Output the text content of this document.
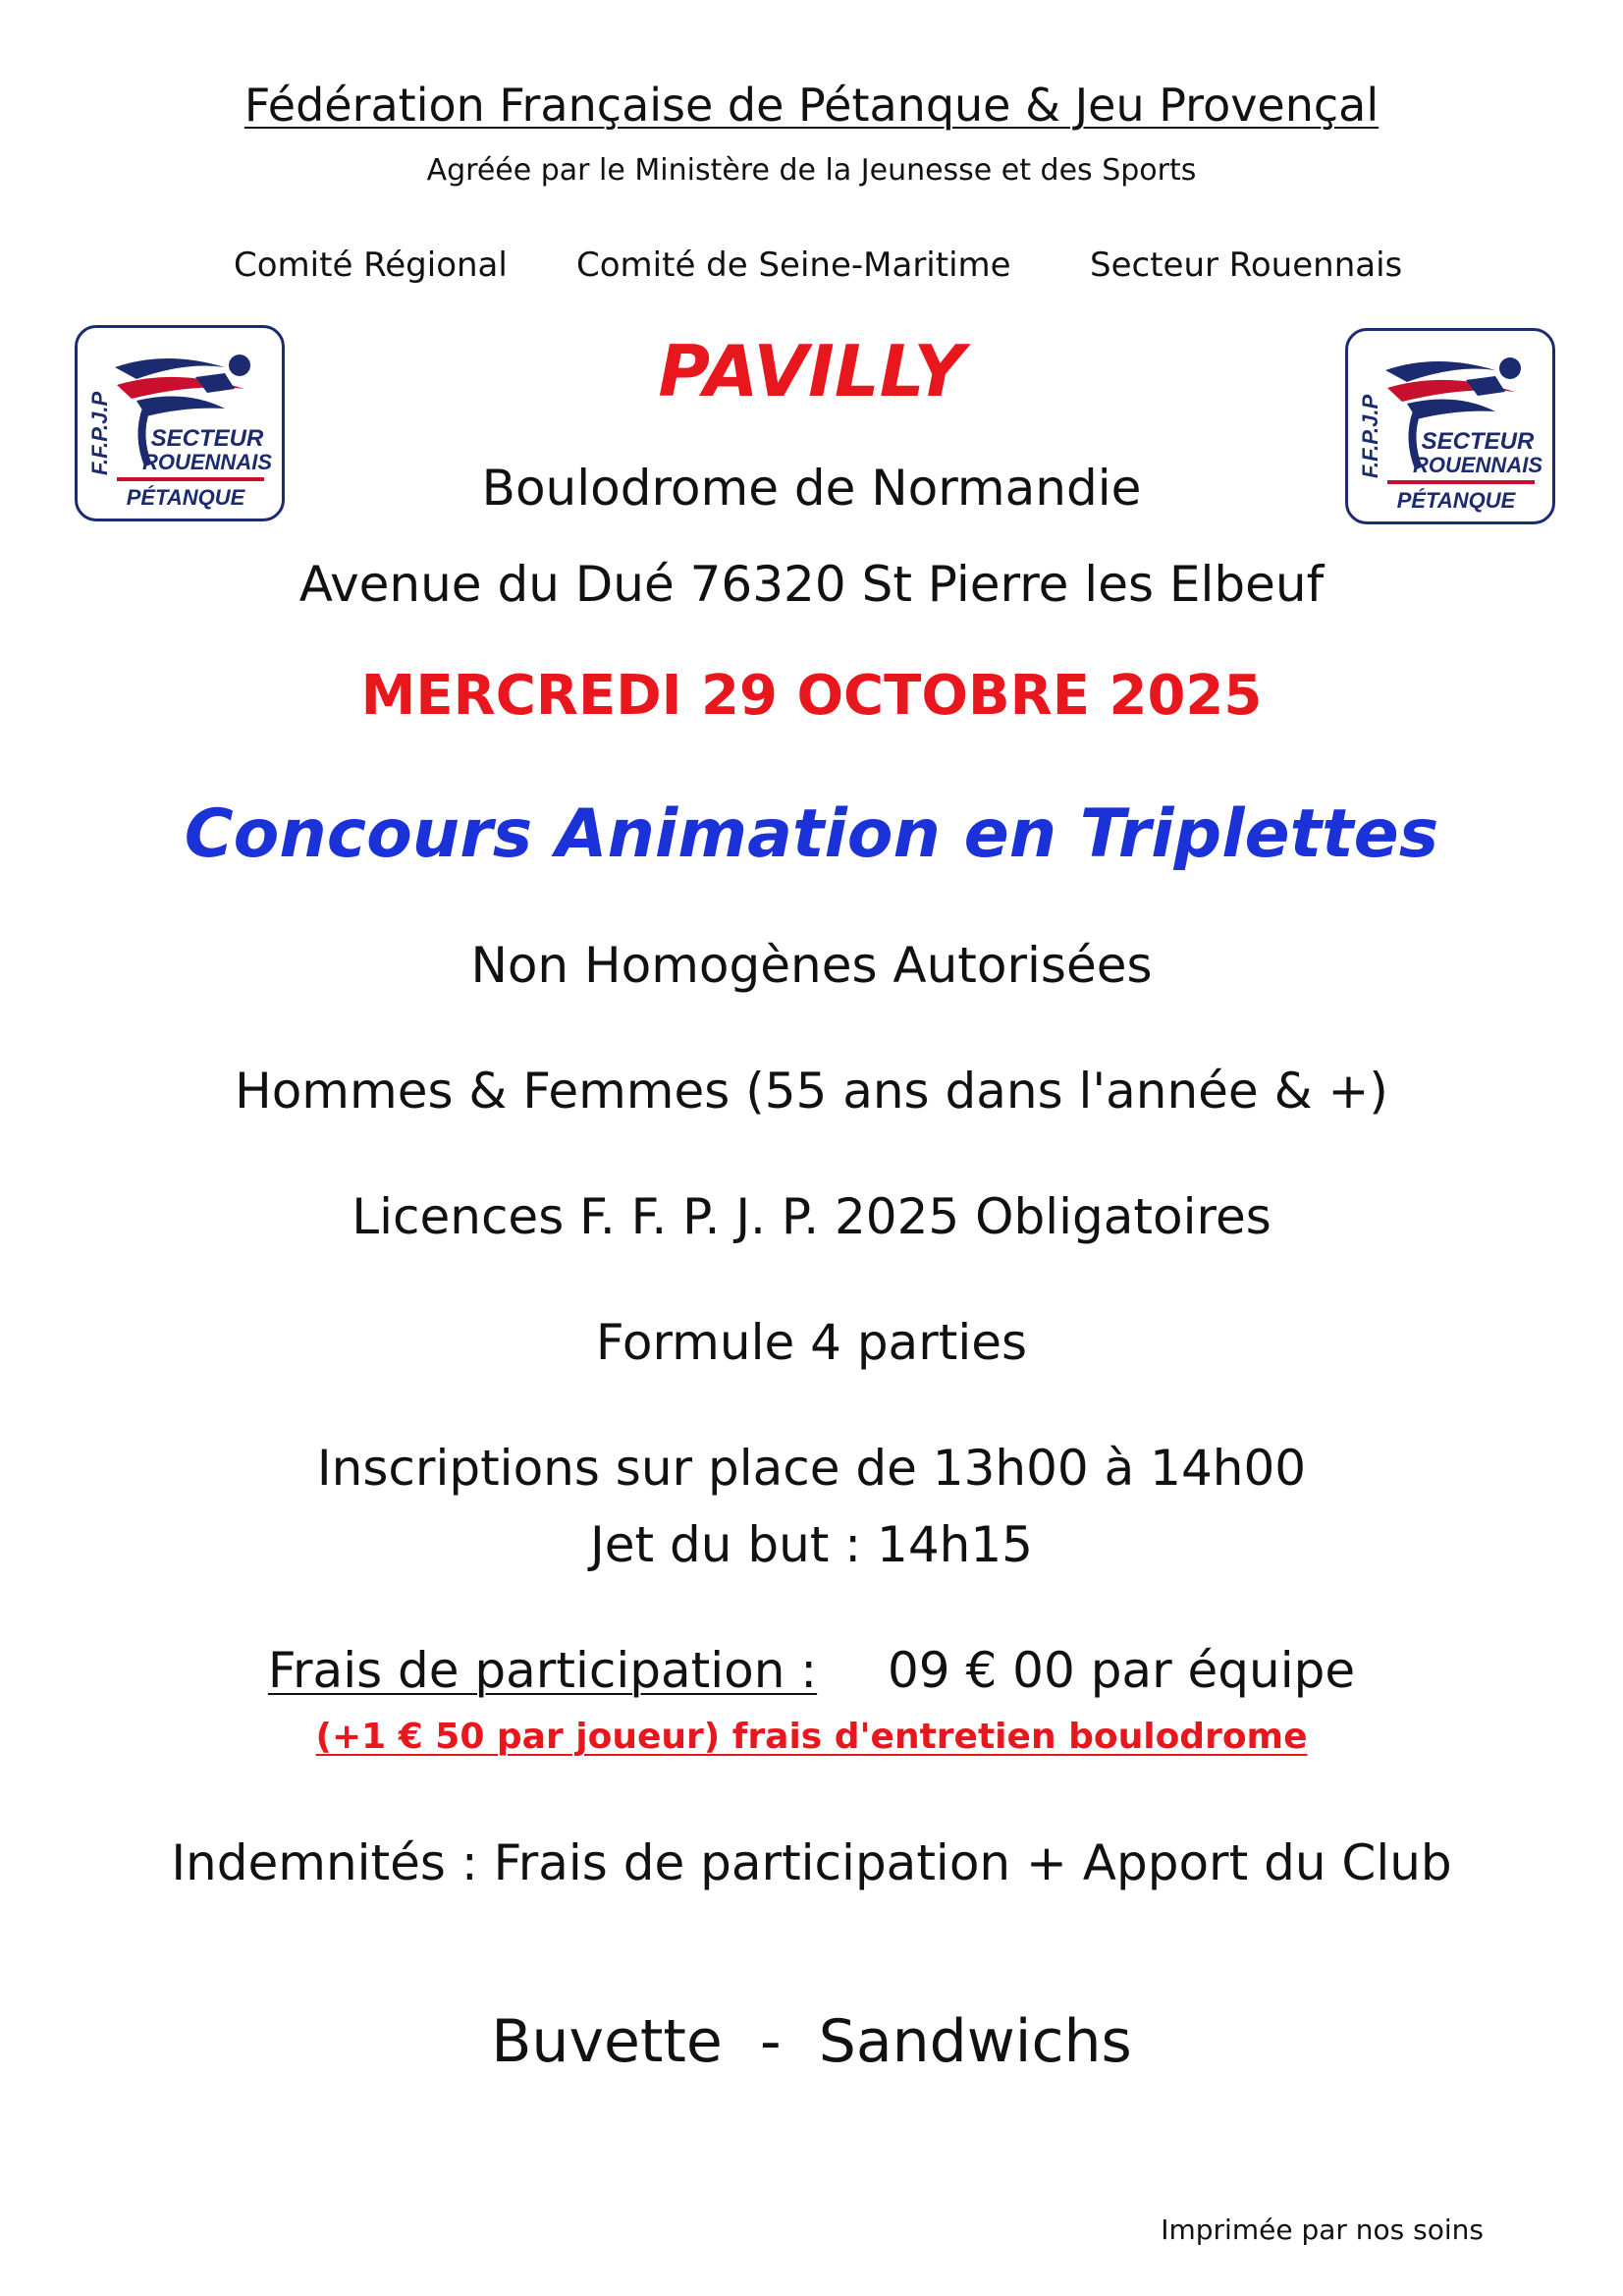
Fédération Française de Pétanque & Jeu Provençal
Agréée par le Ministère de la Jeunesse et des Sports
Comité Régional Comité de Seine-Maritime Secteur Rouennais
F.F.P.J.P SECTEUR
ROUENNAIS
PÉTANQUE
F.F.P.J.P SECTEUR
ROUENNAIS
PÉTANQUE
PAVILLY
Boulodrome de Normandie
Avenue du Dué 76320 St Pierre les Elbeuf
MERCREDI 29 OCTOBRE 2025
Concours Animation en Triplettes
Non Homogènes Autorisées
Hommes & Femmes (55 ans dans l'année & +)
Licences F. F. P. J. P. 2025 Obligatoires
Formule 4 parties
Inscriptions sur place de 13h00 à 14h00
Jet du but : 14h15
Frais de participation : 09 € 00 par équipe
(+1 € 50 par joueur) frais d'entretien boulodrome
Indemnités : Frais de participation + Apport du Club
Buvette  -  Sandwichs
Imprimée par nos soins
